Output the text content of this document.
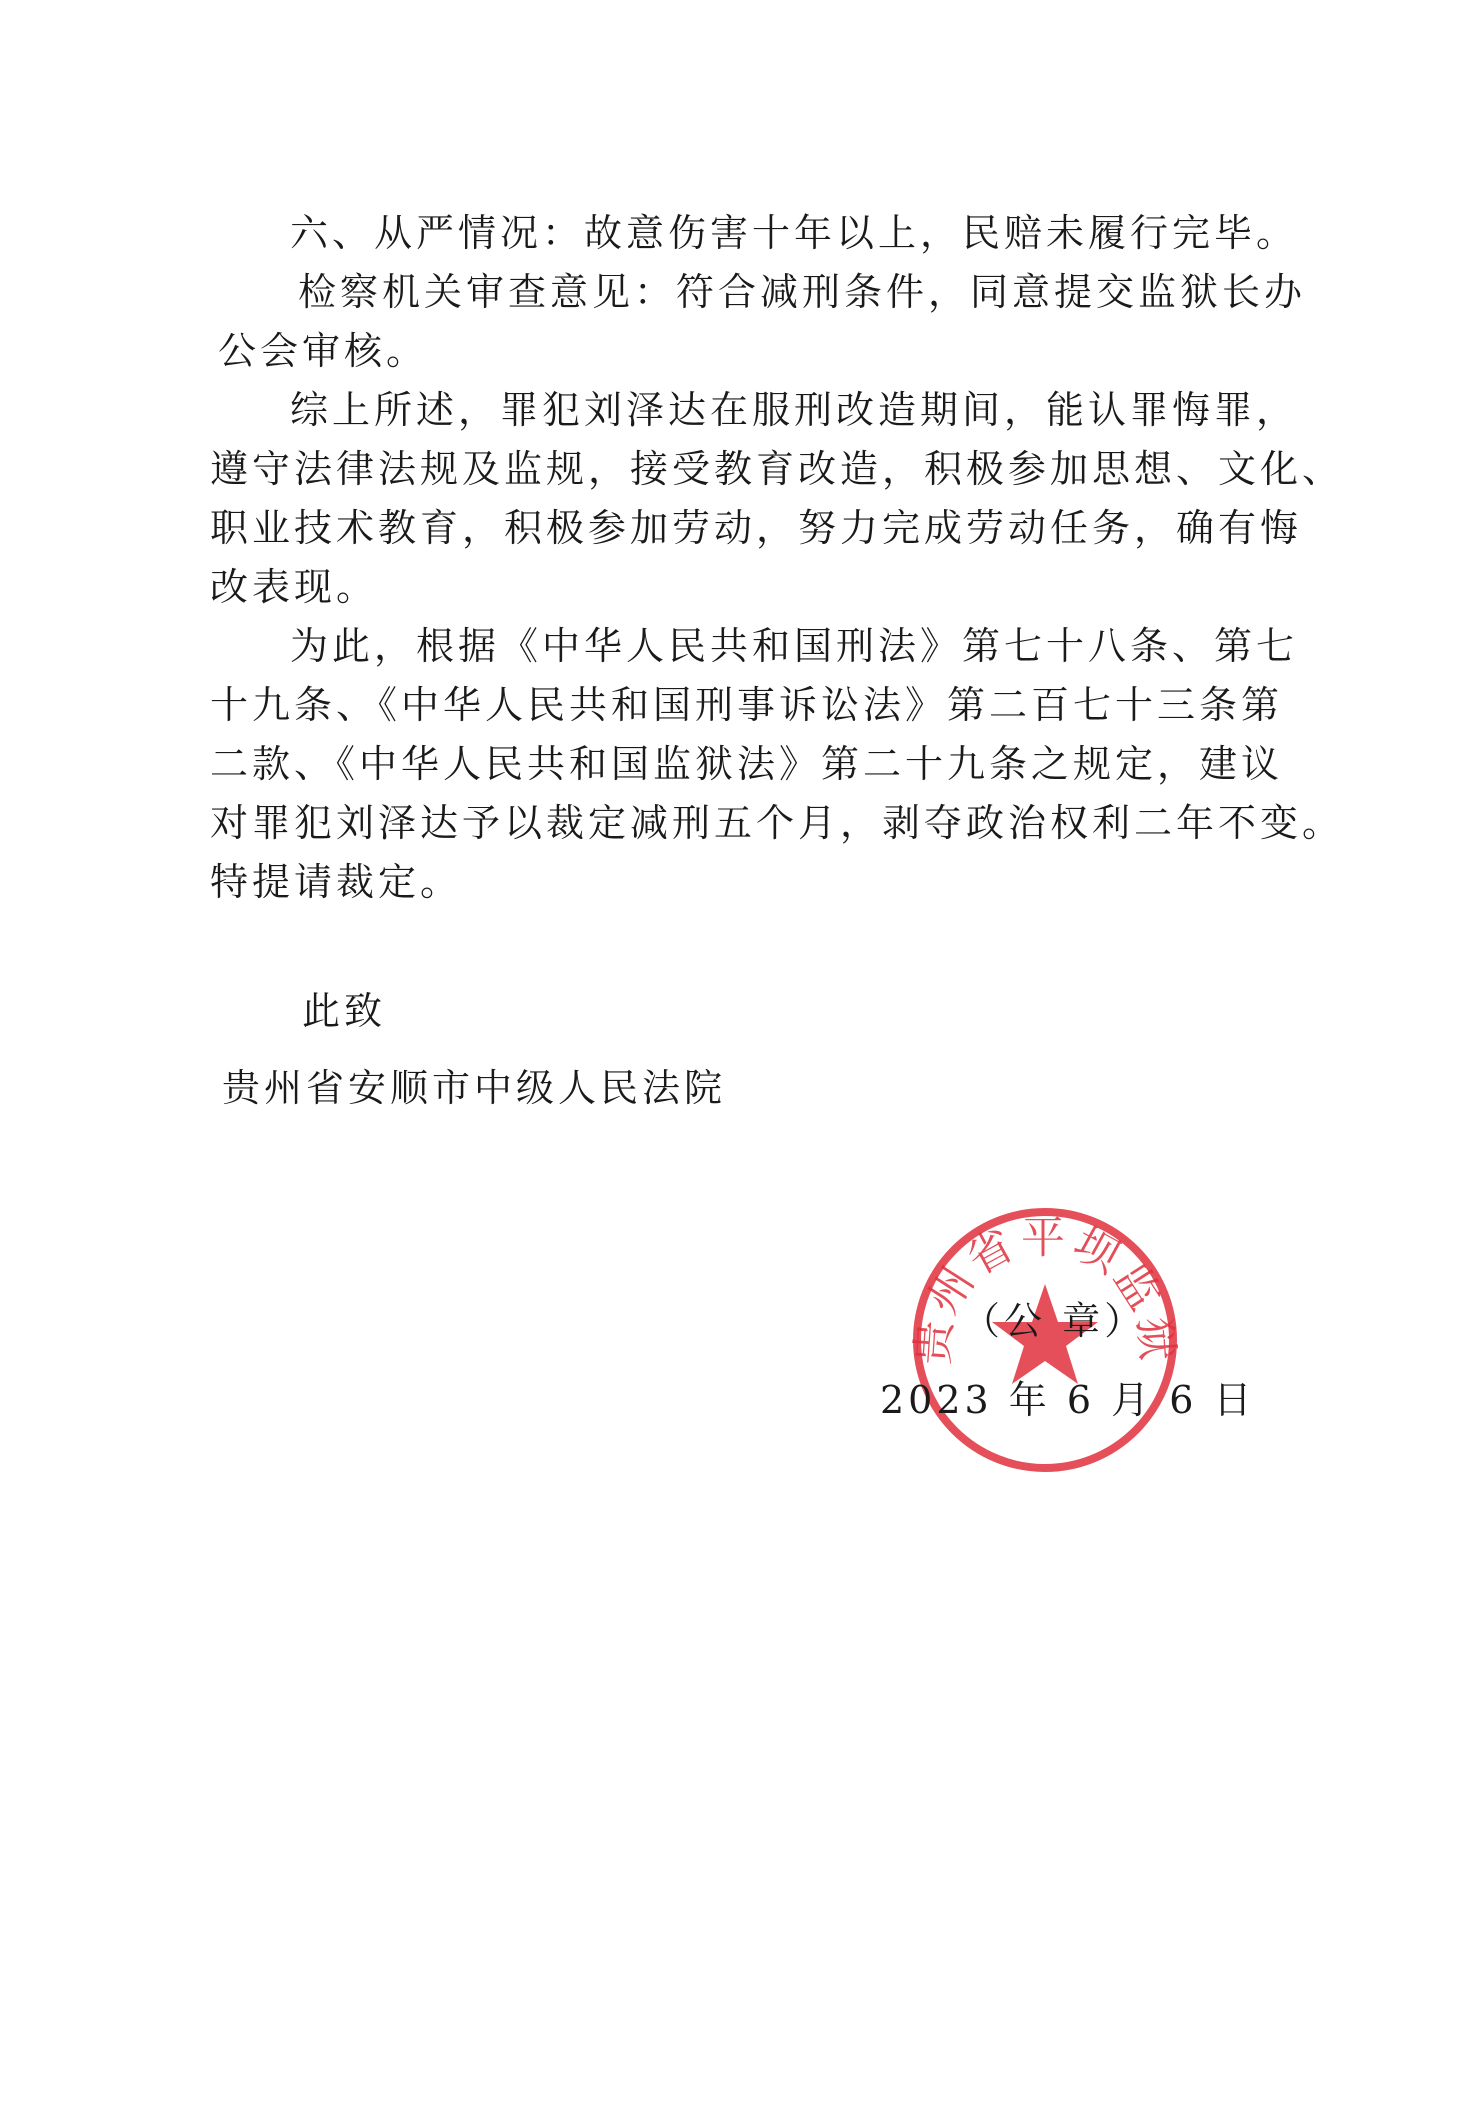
六、从严情况：故意伤害十年以上，民赔未履行完毕。
检察机关审查意见：符合减刑条件，同意提交监狱长办
公会审核。
综上所述，罪犯刘泽达在服刑改造期间，能认罪悔罪，
遵守法律法规及监规，接受教育改造，积极参加思想、文化、
职业技术教育，积极参加劳动，努力完成劳动任务，确有悔
改表现。
为此，根据《中华人民共和国刑法》第七十八条、第七
十九条、《中华人民共和国刑事诉讼法》第二百七十三条第
二款、《中华人民共和国监狱法》第二十九条之规定，建议
对罪犯刘泽达予以裁定减刑五个月，剥夺政治权利二年不变。
特提请裁定。
此致
贵州省安顺市中级人民法院
贵州省平坝监狱
（公 章）
2023 年 6 月 6 日
